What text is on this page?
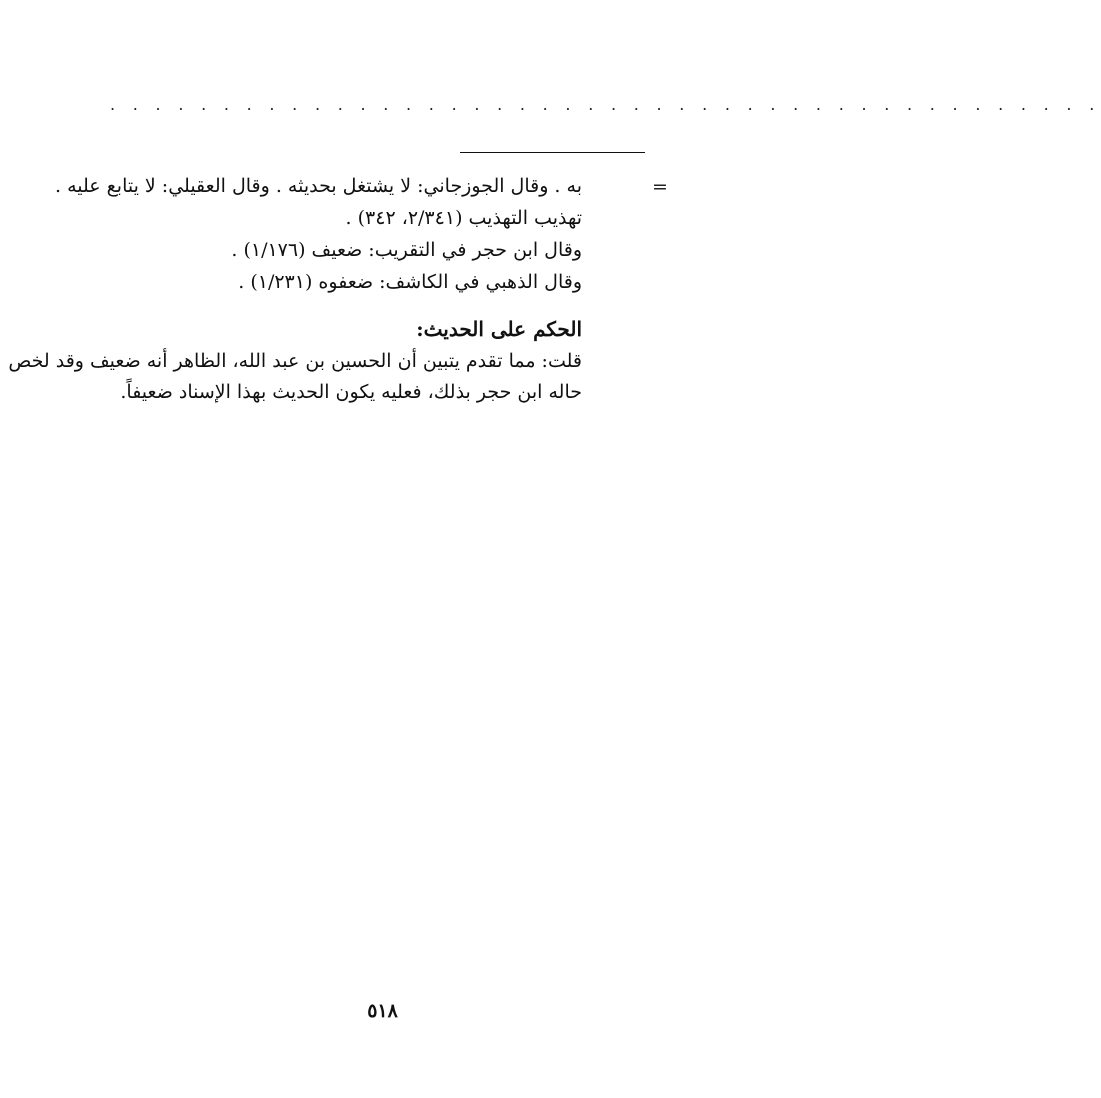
. . . . . . . . . . . . . . . . . . . . . . . . . . . . . . . . . . . . . . . . . . . .
=
به . وقال الجوزجاني: لا يشتغل بحديثه . وقال العقيلي: لا يتابع عليه .
تهذيب التهذيب (٢/٣٤١، ٣٤٢) .
وقال ابن حجر في التقريب: ضعيف (١/١٧٦) .
وقال الذهبي في الكاشف: ضعفوه (١/٢٣١) .
الحكم على الحديث:
قلت: مما تقدم يتبين أن الحسين بن عبد الله، الظاهر أنه ضعيف وقد لخص
حاله ابن حجر بذلك، فعليه يكون الحديث بهذا الإسناد ضعيفاً.
٥١٨
